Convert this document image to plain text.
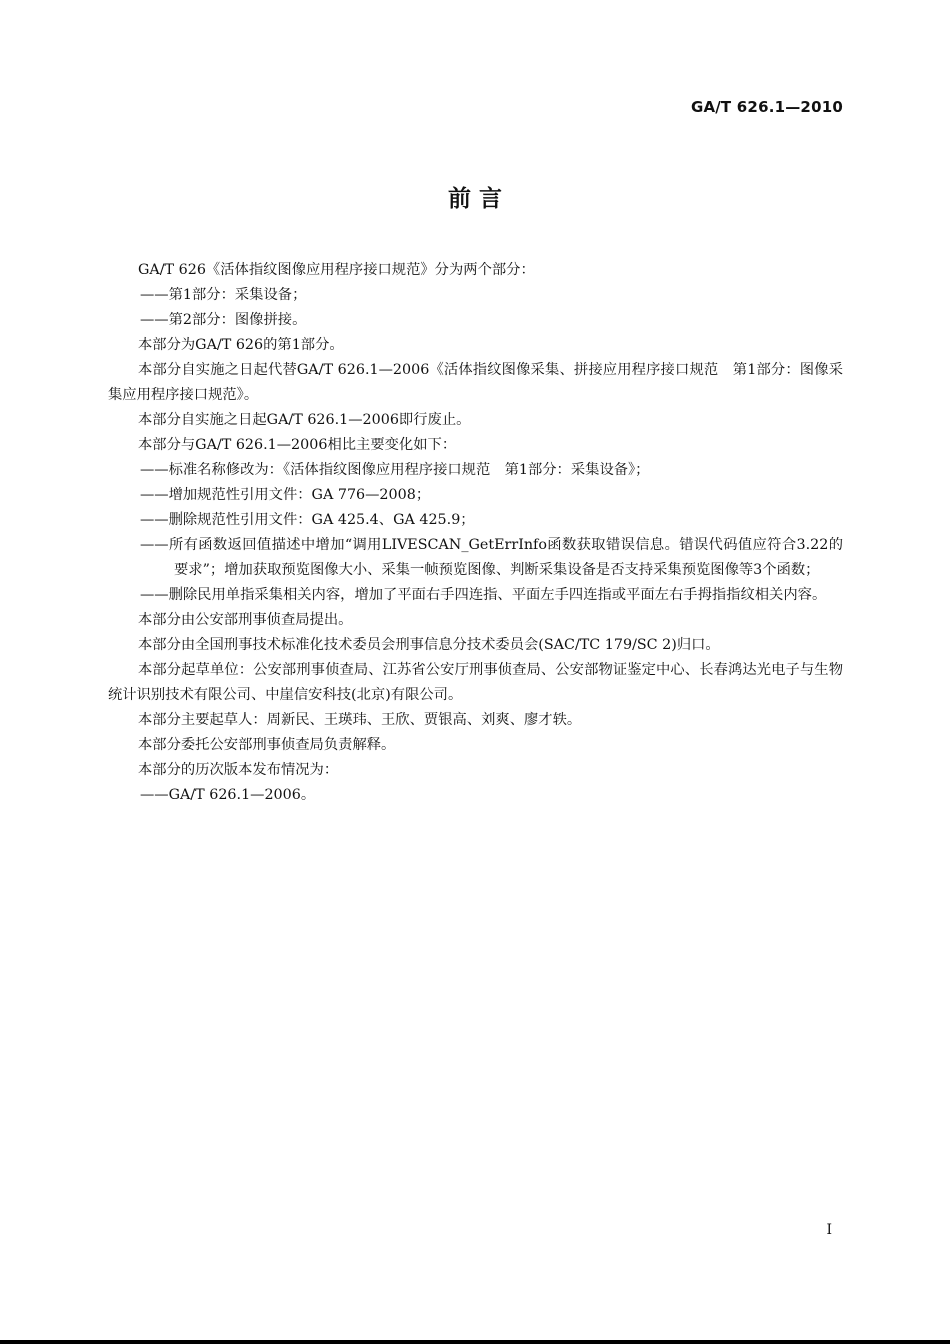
GA/T 626.1—2010
前 言

GA/T 626《活体指纹图像应用程序接口规范》分为两个部分：

——第1部分：采集设备；

——第2部分：图像拼接。

本部分为GA/T 626的第1部分。

本部分自实施之日起代替GA/T 626.1—2006《活体指纹图像采集、拼接应用程序接口规范　第1部分：图像采集应用程序接口规范》。

本部分自实施之日起GA/T 626.1—2006即行废止。

本部分与GA/T 626.1—2006相比主要变化如下：

——标准名称修改为：《活体指纹图像应用程序接口规范　第1部分：采集设备》；

——增加规范性引用文件：GA 776—2008；

——删除规范性引用文件：GA 425.4、GA 425.9；

——所有函数返回值描述中增加“调用LIVESCAN_GetErrInfo函数获取错误信息。错误代码值应符合3.22的要求”；增加获取预览图像大小、采集一帧预览图像、判断采集设备是否支持采集预览图像等3个函数；

——删除民用单指采集相关内容，增加了平面右手四连指、平面左手四连指或平面左右手拇指指纹相关内容。

本部分由公安部刑事侦查局提出。

本部分由全国刑事技术标准化技术委员会刑事信息分技术委员会(SAC/TC 179/SC 2)归口。

本部分起草单位：公安部刑事侦查局、江苏省公安厅刑事侦查局、公安部物证鉴定中心、长春鸿达光电子与生物统计识别技术有限公司、中崖信安科技(北京)有限公司。

本部分主要起草人：周新民、王瑛玮、王欣、贾银高、刘爽、廖才轶。

本部分委托公安部刑事侦查局负责解释。

本部分的历次版本发布情况为：

——GA/T 626.1—2006。

I
